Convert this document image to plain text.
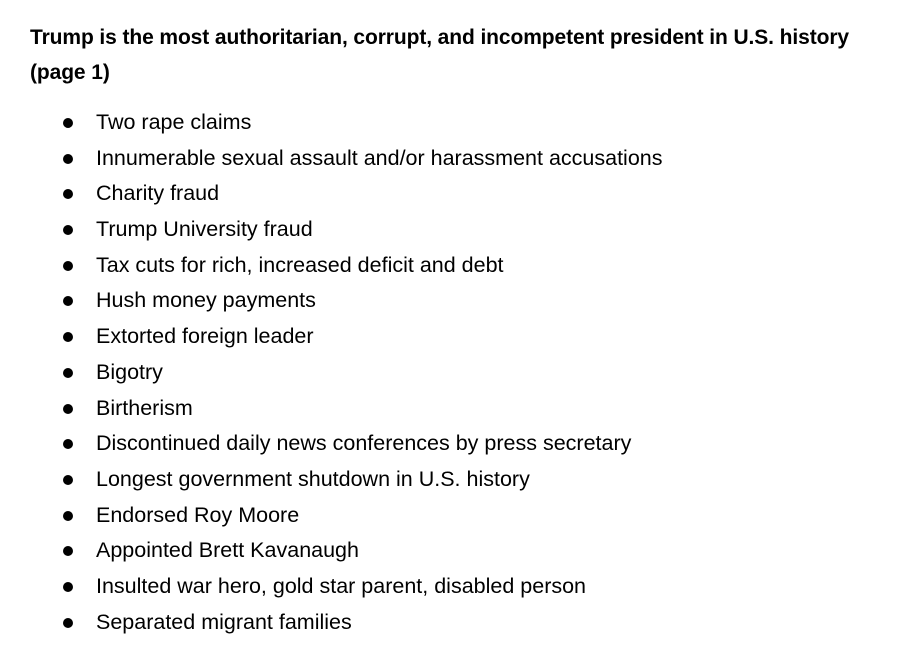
Trump is the most authoritarian, corrupt, and incompetent president in U.S. history (page 1)
Two rape claims
Innumerable sexual assault and/or harassment accusations
Charity fraud
Trump University fraud
Tax cuts for rich, increased deficit and debt
Hush money payments
Extorted foreign leader
Bigotry
Birtherism
Discontinued daily news conferences by press secretary
Longest government shutdown in U.S. history
Endorsed Roy Moore
Appointed Brett Kavanaugh
Insulted war hero, gold star parent, disabled person
Separated migrant families
